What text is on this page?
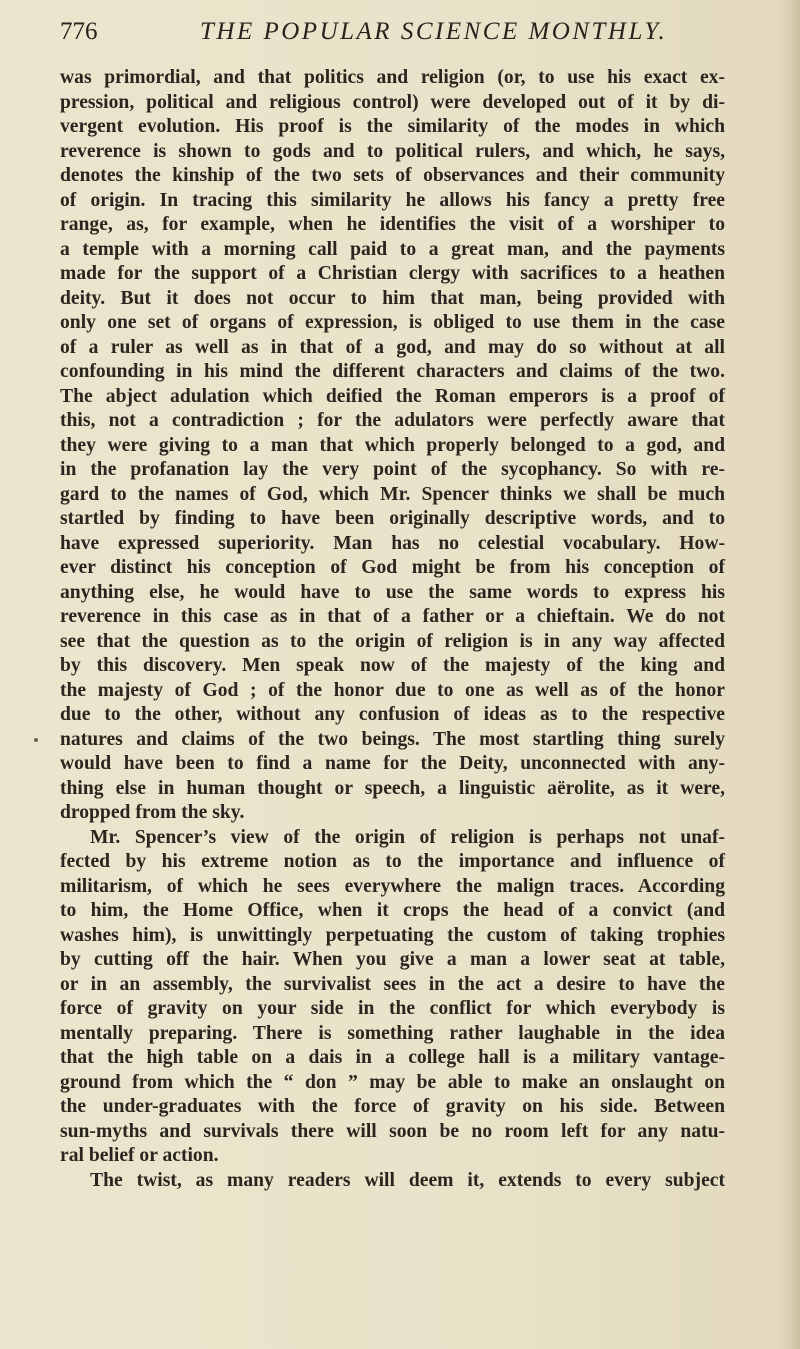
776	THE POPULAR SCIENCE MONTHLY.
was primordial, and that politics and religion (or, to use his exact ex-
pression, political and religious control) were developed out of it by di-
vergent evolution. His proof is the similarity of the modes in which
reverence is shown to gods and to political rulers, and which, he says,
denotes the kinship of the two sets of observances and their community
of origin. In tracing this similarity he allows his fancy a pretty free
range, as, for example, when he identifies the visit of a worshiper to
a temple with a morning call paid to a great man, and the payments
made for the support of a Christian clergy with sacrifices to a heathen
deity. But it does not occur to him that man, being provided with
only one set of organs of expression, is obliged to use them in the case
of a ruler as well as in that of a god, and may do so without at all
confounding in his mind the different characters and claims of the two.
The abject adulation which deified the Roman emperors is a proof of
this, not a contradiction ; for the adulators were perfectly aware that
they were giving to a man that which properly belonged to a god, and
in the profanation lay the very point of the sycophancy. So with re-
gard to the names of God, which Mr. Spencer thinks we shall be much
startled by finding to have been originally descriptive words, and to
have expressed superiority. Man has no celestial vocabulary. How-
ever distinct his conception of God might be from his conception of
anything else, he would have to use the same words to express his
reverence in this case as in that of a father or a chieftain. We do not
see that the question as to the origin of religion is in any way affected
by this discovery. Men speak now of the majesty of the king and
the majesty of God ; of the honor due to one as well as of the honor
due to the other, without any confusion of ideas as to the respective
natures and claims of the two beings. The most startling thing surely
would have been to find a name for the Deity, unconnected with any-
thing else in human thought or speech, a linguistic aërolite, as it were,
dropped from the sky.
Mr. Spencer’s view of the origin of religion is perhaps not unaf-
fected by his extreme notion as to the importance and influence of
militarism, of which he sees everywhere the malign traces. According
to him, the Home Office, when it crops the head of a convict (and
washes him), is unwittingly perpetuating the custom of taking trophies
by cutting off the hair. When you give a man a lower seat at table,
or in an assembly, the survivalist sees in the act a desire to have the
force of gravity on your side in the conflict for which everybody is
mentally preparing. There is something rather laughable in the idea
that the high table on a dais in a college hall is a military vantage-
ground from which the “ don ” may be able to make an onslaught on
the under-graduates with the force of gravity on his side. Between
sun-myths and survivals there will soon be no room left for any natu-
ral belief or action.
The twist, as many readers will deem it, extends to every subject
